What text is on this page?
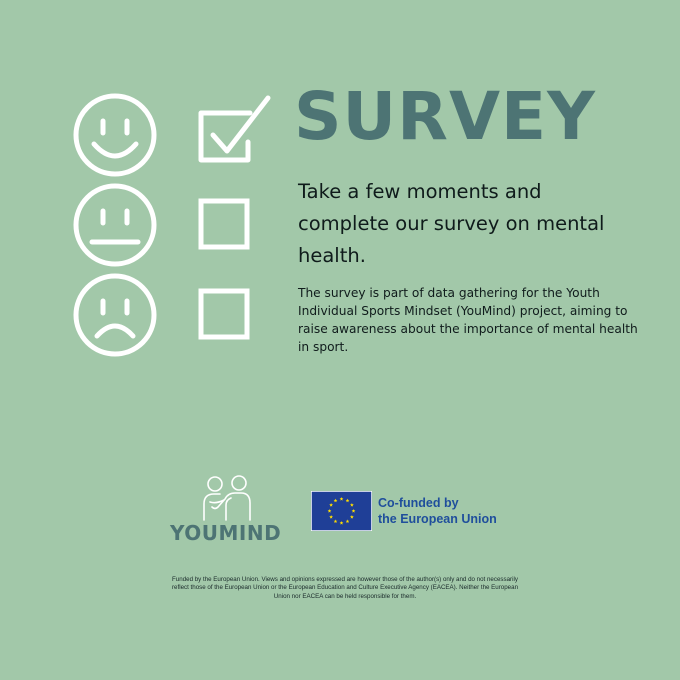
SURVEY

Take a few moments and complete our survey on mental health.

The survey is part of data gathering for the Youth Individual Sports Mindset (YouMind) project, aiming to raise awareness about the importance of mental health in sport.

YOUMIND

Co-funded by
the European Union

Funded by the European Union. Views and opinions expressed are however those of the author(s) only and do not necessarily reflect those of the European Union or the European Education and Culture Executive Agency (EACEA). Neither the European Union nor EACEA can be held responsible for them.
